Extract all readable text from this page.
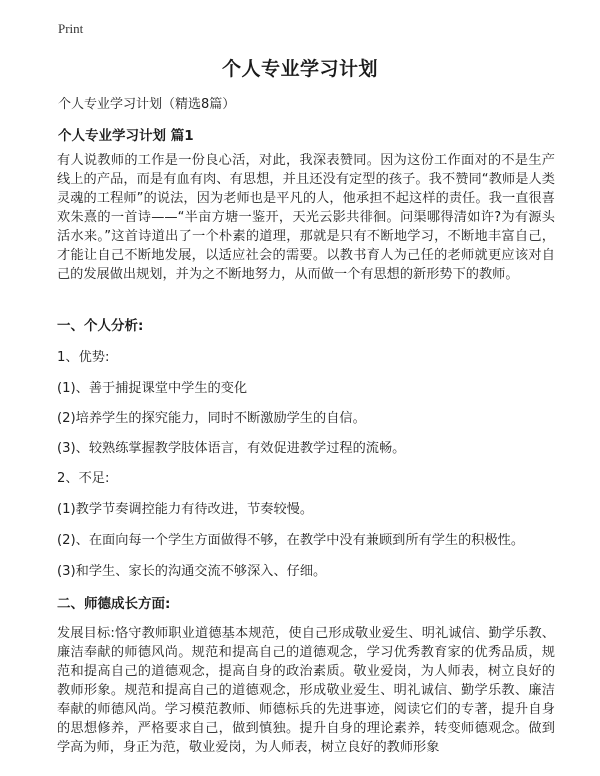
Print
个人专业学习计划
个人专业学习计划（精选8篇）
个人专业学习计划 篇1
有人说教师的工作是一份良心活，对此，我深表赞同。因为这份工作面对的不是生产线上的产品，而是有血有肉、有思想，并且还没有定型的孩子。我不赞同“教师是人类灵魂的工程师”的说法，因为老师也是平凡的人，他承担不起这样的责任。我一直很喜欢朱熹的一首诗——“半亩方塘一鉴开，天光云影共徘徊。问渠哪得清如许?为有源头活水来。”这首诗道出了一个朴素的道理，那就是只有不断地学习，不断地丰富自己，才能让自己不断地发展，以适应社会的需要。以教书育人为己任的老师就更应该对自己的发展做出规划，并为之不断地努力，从而做一个有思想的新形势下的教师。
一、个人分析:
1、优势:
(1)、善于捕捉课堂中学生的变化
(2)培养学生的探究能力，同时不断激励学生的自信。
(3)、较熟练掌握教学肢体语言，有效促进教学过程的流畅。
2、不足:
(1)教学节奏调控能力有待改进，节奏较慢。
(2)、在面向每一个学生方面做得不够，在教学中没有兼顾到所有学生的积极性。
(3)和学生、家长的沟通交流不够深入、仔细。
二、师德成长方面:
发展目标:恪守教师职业道德基本规范，使自己形成敬业爱生、明礼诚信、勤学乐教、廉洁奉献的师德风尚。规范和提高自己的道德观念，学习优秀教育家的优秀品质，规范和提高自己的道德观念，提高自身的政治素质。敬业爱岗，为人师表，树立良好的教师形象。规范和提高自己的道德观念，形成敬业爱生、明礼诚信、勤学乐教、廉洁奉献的师德风尚。学习模范教师、师德标兵的先进事迹，阅读它们的专著，提升自身的思想修养，严格要求自己，做到慎独。提升自身的理论素养，转变师德观念。做到学高为师，身正为范，敬业爱岗，为人师表，树立良好的教师形象
